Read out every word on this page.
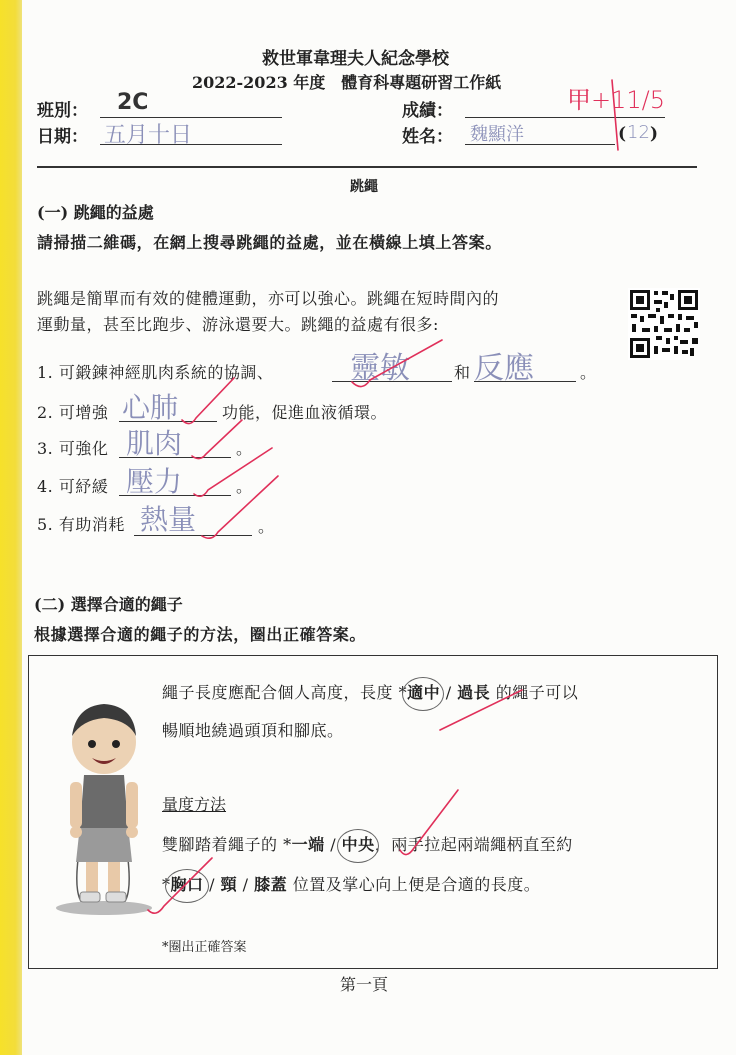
救世軍韋理夫人紀念學校
2022-2023 年度　體育科專題研習工作紙
班別： 2C
日期： 五月十日
成績：	甲+11/5
姓名： 魏顯洋	( 12 )
跳繩
(一) 跳繩的益處
請掃描二維碼，在網上搜尋跳繩的益處，並在橫線上填上答案。
跳繩是簡單而有效的健體運動，亦可以強心。跳繩在短時間內的
運動量，甚至比跑步、游泳還要大。跳繩的益處有很多:
1. 可鍛鍊神經肌肉系統的協調、	靈敏	和 反應	。
2. 可增強 心肺	功能，促進血液循環。
3. 可強化 肌肉	。
4. 可紓緩 壓力	。
5. 有助消耗 熱量	。
(二) 選擇合適的繩子
根據選擇合適的繩子的方法，圈出正確答案。
繩子長度應配合個人高度，長度 *適中
/ 過長 的繩子可以
暢順地繞過頭頂和腳底。
量度方法
雙腳踏着繩子的 *一端 / 中央
，兩手拉起兩端繩柄直至約
*胸口
/ 頸 / 膝蓋 位置及掌心向上便是合適的長度。
*圈出正確答案
第一頁
